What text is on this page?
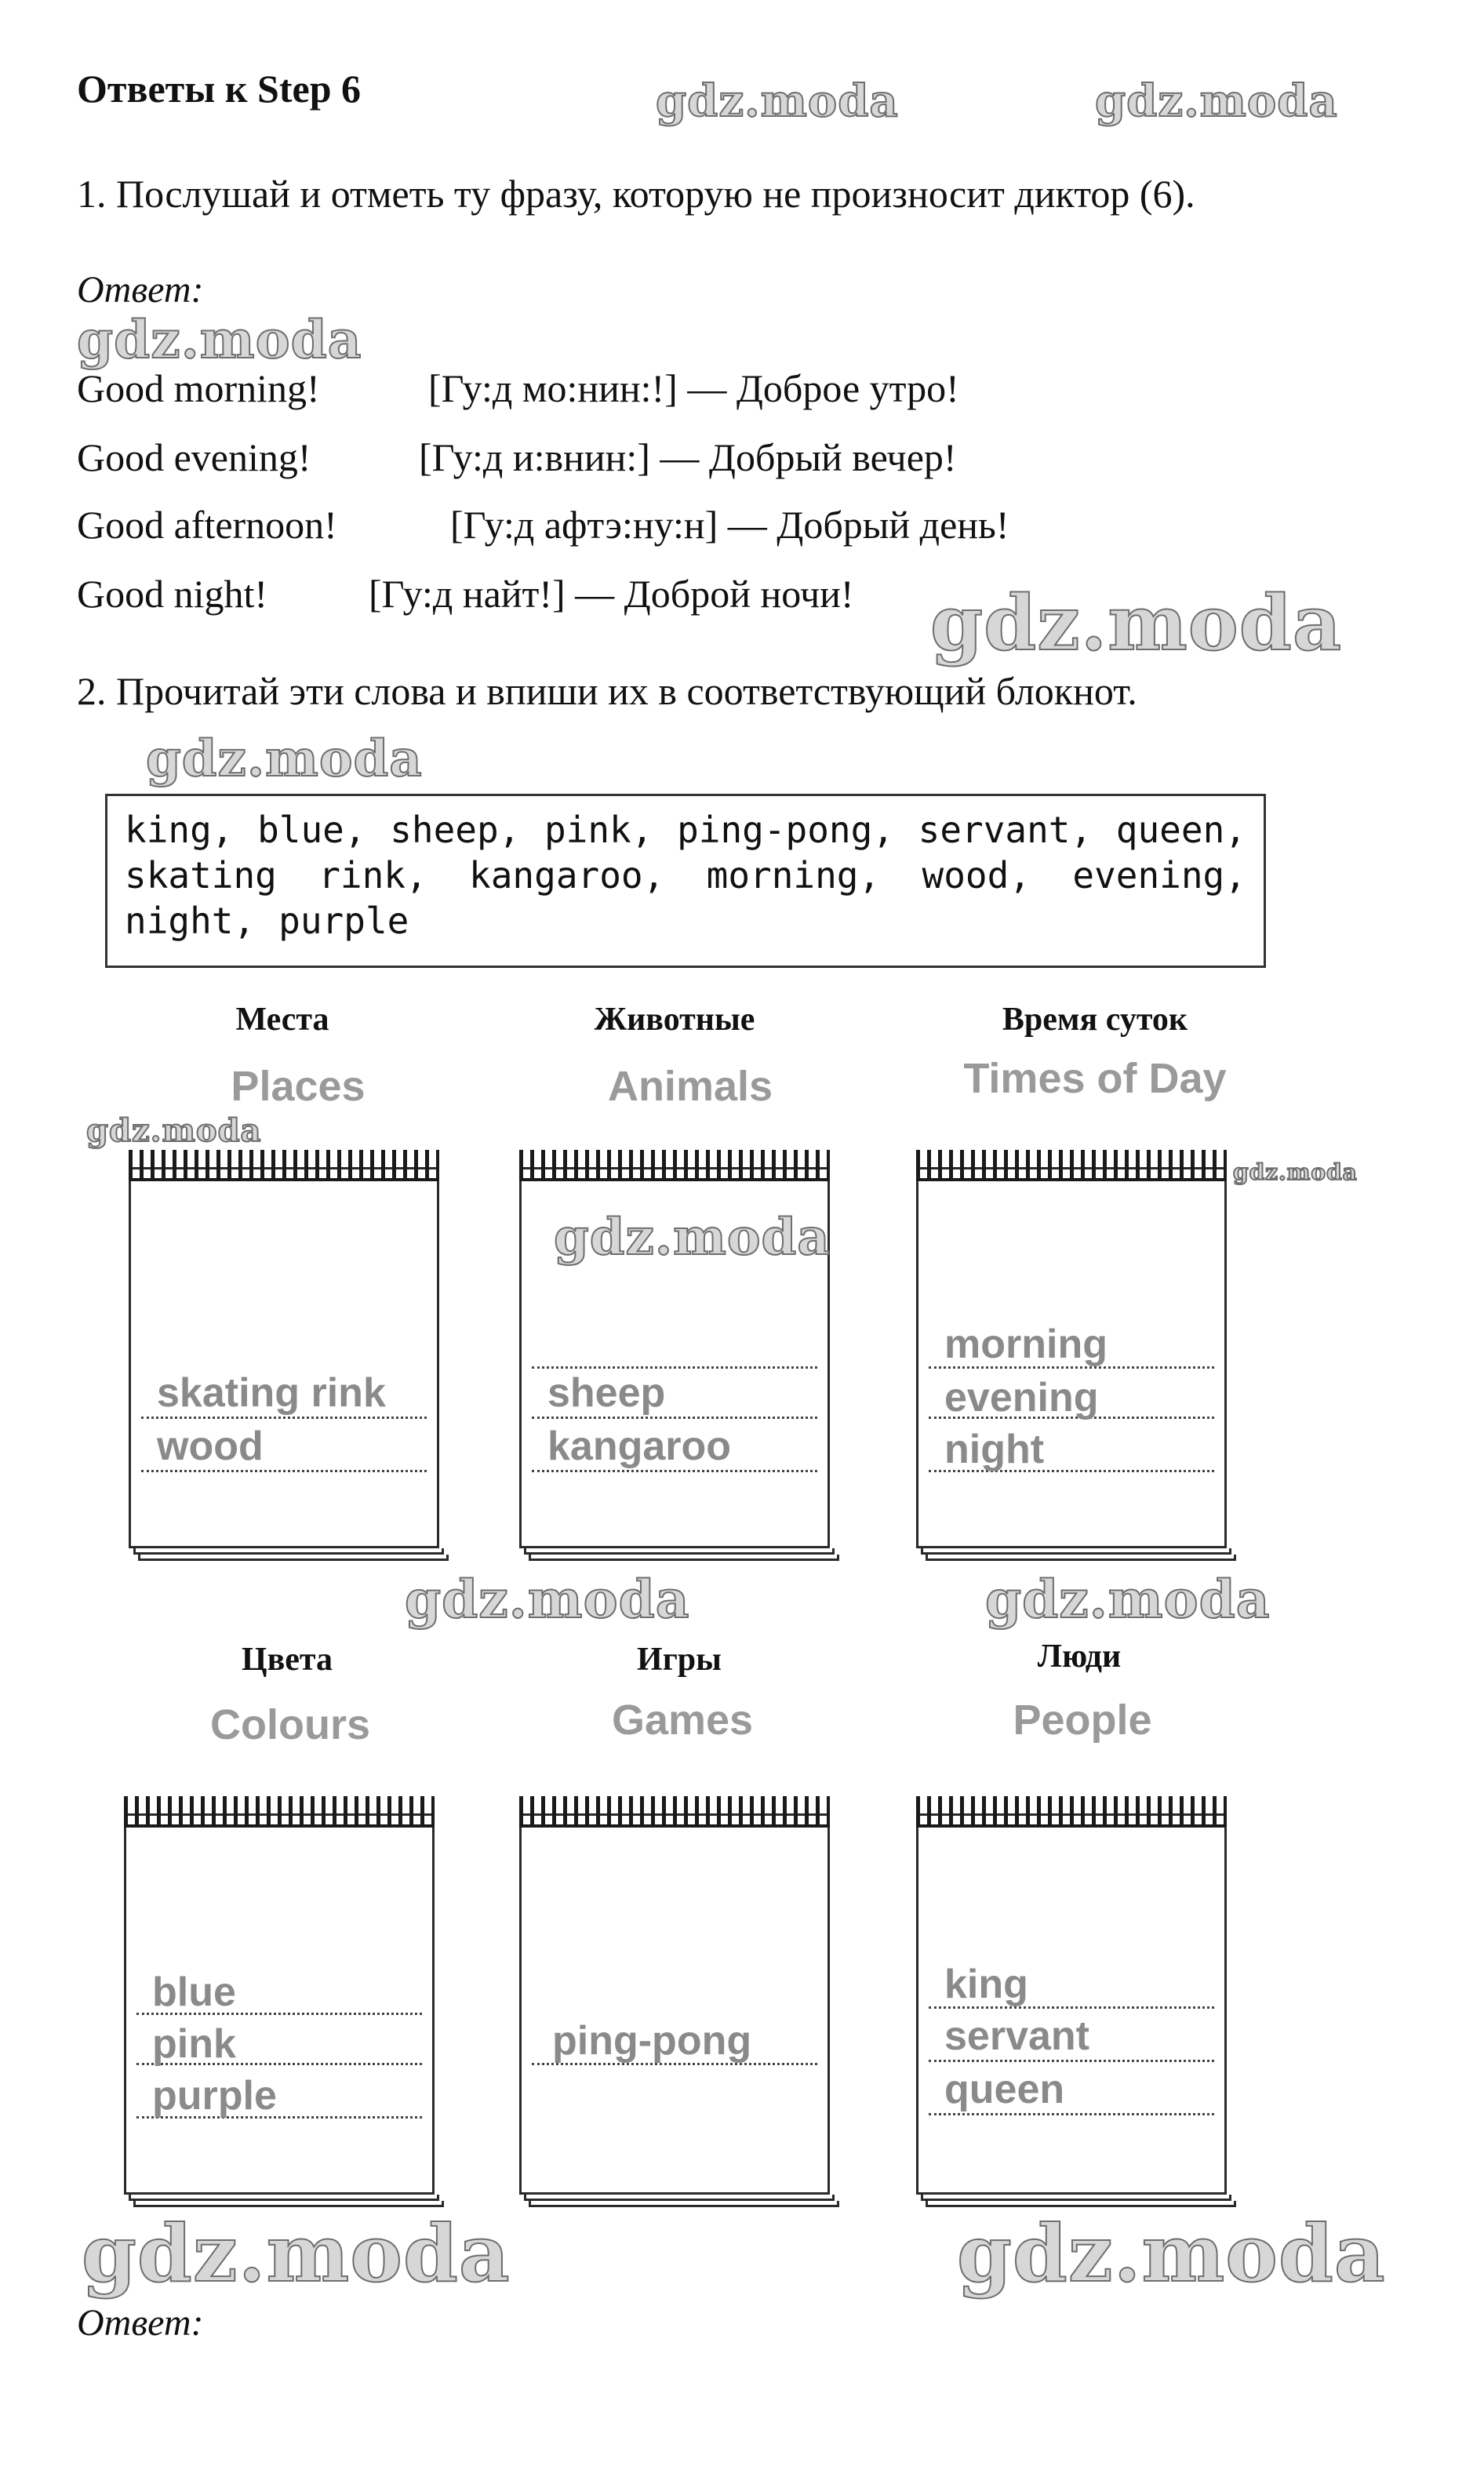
Ответы к Step 6	gdz.moda	gdz.moda
1. Послушай и отметь ту фразу, которую не произносит диктор (6).
Ответ:
gdz.moda
Good morning!	[Гу:д мо:нин:!] — Доброе утро!
Good evening!	[Гу:д и:внин:] — Добрый вечер!
Good afternoon!	[Гу:д афтэ:ну:н] — Добрый день!
Good night!	[Гу:д найт!] — Доброй ночи! gdz.moda
2. Прочитай эти слова и впиши их в соответствующий блокнот.
gdz.moda
king, blue, sheep, pink, ping-pong, servant, queen,
skating rink, kangaroo, morning, wood, evening,
night, purple
Места	Животные	Время суток
Places	Animals	Times of Day
gdz.moda
skating rink
wood
sheep
kangaroo
gdz.moda
morning
evening
night
gdz.moda
gdz.moda	gdz.moda
Цвета	Игры	Люди
Colours	Games	People
blue
pink
purple
ping-pong
king
servant
queen
gdz.moda	gdz.moda
Ответ:
